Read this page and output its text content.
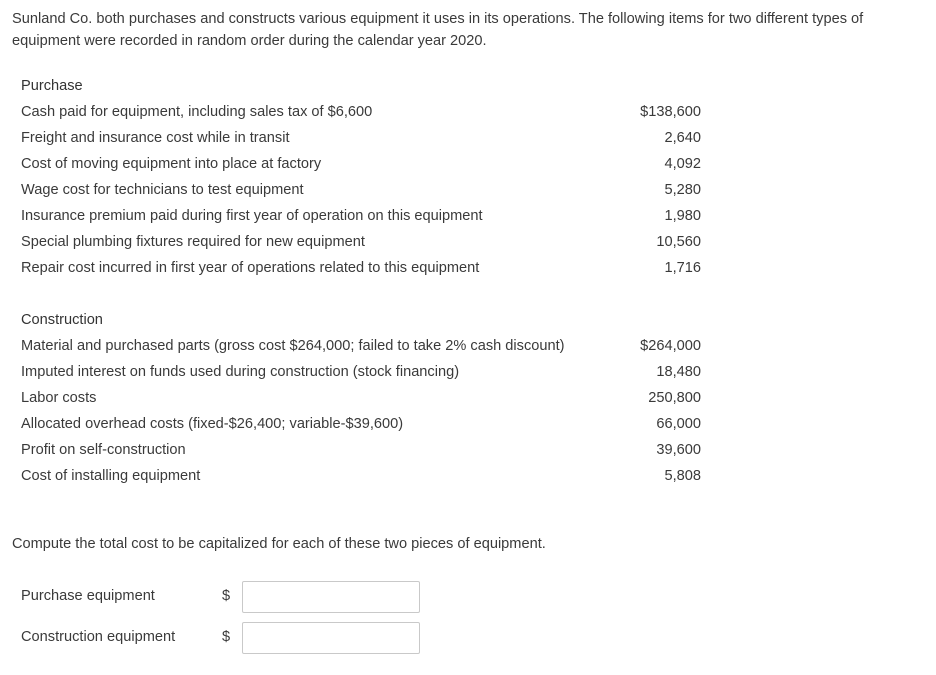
Sunland Co. both purchases and constructs various equipment it uses in its operations. The following items for two different types of equipment were recorded in random order during the calendar year 2020.

Purchase
Cash paid for equipment, including sales tax of $6,600	$138,600
Freight and insurance cost while in transit	2,640
Cost of moving equipment into place at factory	4,092
Wage cost for technicians to test equipment	5,280
Insurance premium paid during first year of operation on this equipment	1,980
Special plumbing fixtures required for new equipment	10,560
Repair cost incurred in first year of operations related to this equipment	1,716
Construction
Material and purchased parts (gross cost $264,000; failed to take 2% cash discount)	$264,000
Imputed interest on funds used during construction (stock financing)	18,480
Labor costs	250,800
Allocated overhead costs (fixed-$26,400; variable-$39,600)	66,000
Profit on self-construction	39,600
Cost of installing equipment	5,808

Compute the total cost to be capitalized for each of these two pieces of equipment.

Purchase equipment	$
Construction equipment	$
